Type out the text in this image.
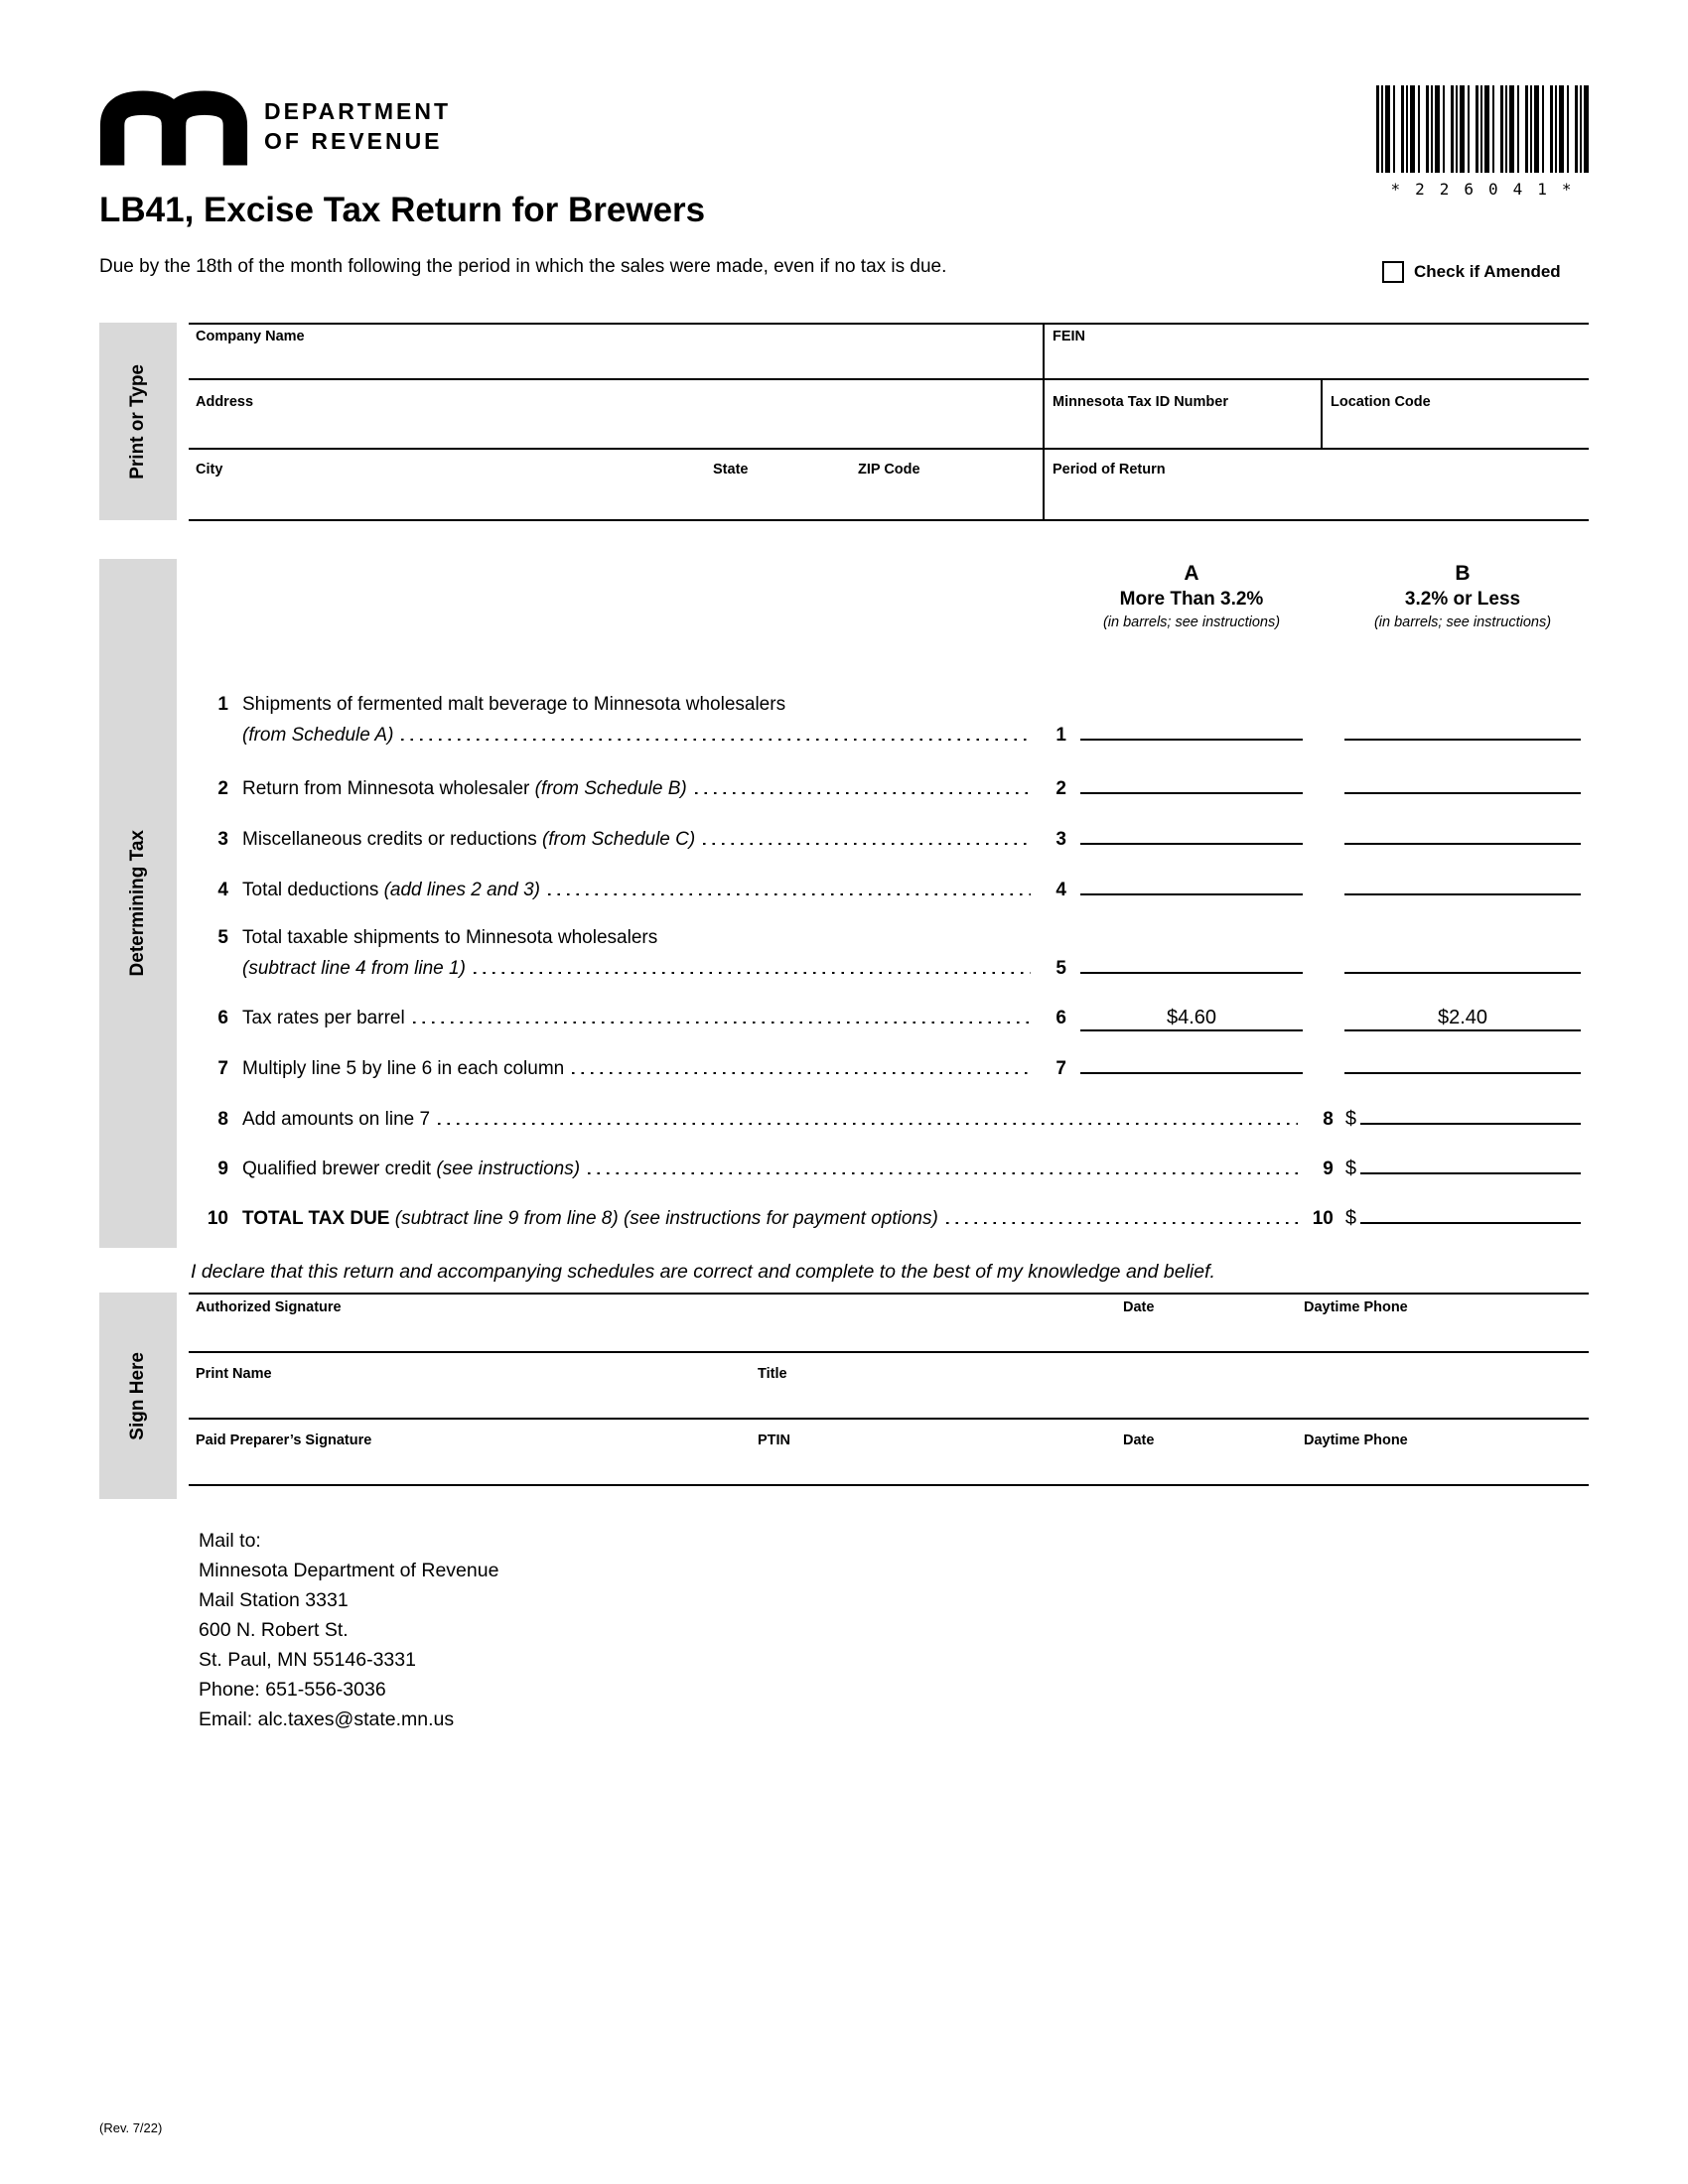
DEPARTMENT
OF REVENUE
*226041*
LB41, Excise Tax Return for Brewers

Due by the 18th of the month following the period in which the sales were made, even if no tax is due.	Check if Amended
Print or Type
Company Name	FEIN
Address	Minnesota Tax ID Number	Location Code
City	State	ZIP Code	Period of Return
Determining Tax
A
More Than 3.2%
(in barrels; see instructions)
B
3.2% or Less
(in barrels; see instructions)
1 Shipments of fermented malt beverage to Minnesota wholesalers
(from Schedule A)	1
2 Return from Minnesota wholesaler (from Schedule B)	2
3 Miscellaneous credits or reductions (from Schedule C)	3
4 Total deductions (add lines 2 and 3)	4
5 Total taxable shipments to Minnesota wholesalers
(subtract line 4 from line 1)	5
6 Tax rates per barrel	6	$4.60	$2.40
7 Multiply line 5 by line 6 in each column	7
8 Add amounts on line 7	8 $
9 Qualified brewer credit (see instructions)	9 $
10 TOTAL TAX DUE (subtract line 9 from line 8) (see instructions for payment options)	10 $

I declare that this return and accompanying schedules are correct and complete to the best of my knowledge and belief.

Sign Here
Authorized Signature	Date	Daytime Phone
Print Name	Title
Paid Preparer’s Signature	PTIN	Date	Daytime Phone
Mail to:
Minnesota Department of Revenue
Mail Station 3331
600 N. Robert St.
St. Paul, MN 55146-3331
Phone: 651-556-3036
Email: alc.taxes@state.mn.us
(Rev. 7/22)
